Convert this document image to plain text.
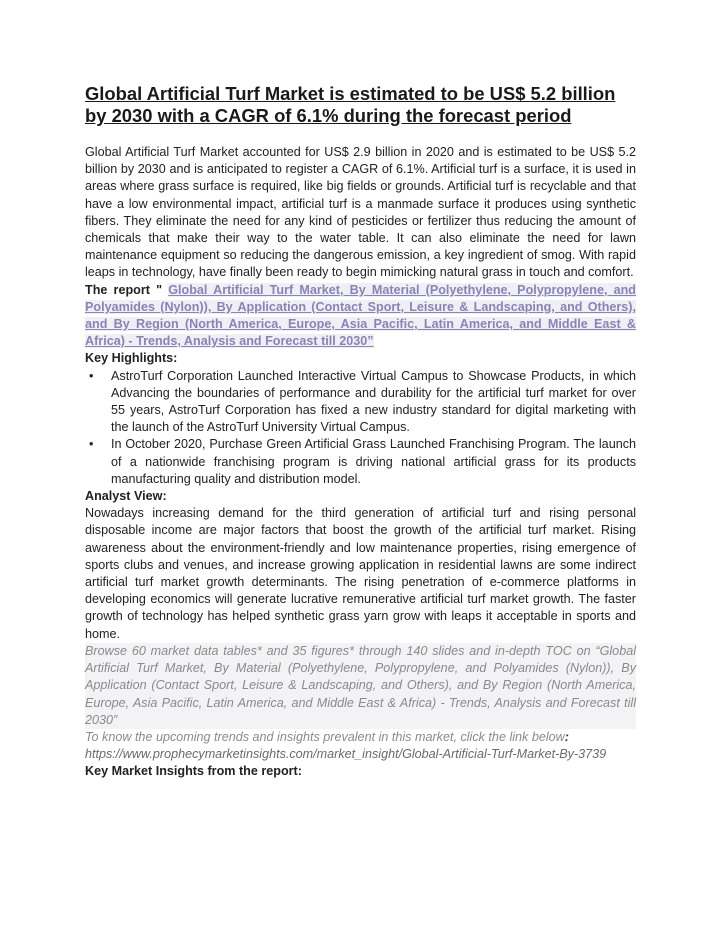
Global Artificial Turf Market is estimated to be US$ 5.2 billion by 2030 with a CAGR of 6.1% during the forecast period

Global Artificial Turf Market accounted for US$ 2.9 billion in 2020 and is estimated to be US$ 5.2 billion by 2030 and is anticipated to register a CAGR of 6.1%. Artificial turf is a surface, it is used in areas where grass surface is required, like big fields or grounds. Artificial turf is recyclable and that have a low environmental impact, artificial turf is a manmade surface it produces using synthetic fibers. They eliminate the need for any kind of pesticides or fertilizer thus reducing the amount of chemicals that make their way to the water table. It can also eliminate the need for lawn maintenance equipment so reducing the dangerous emission, a key ingredient of smog. With rapid leaps in technology, have finally been ready to begin mimicking natural grass in touch and comfort.

The report " Global Artificial Turf Market, By Material (Polyethylene, Polypropylene, and Polyamides (Nylon)), By Application (Contact Sport, Leisure & Landscaping, and Others), and By Region (North America, Europe, Asia Pacific, Latin America, and Middle East & Africa) - Trends, Analysis and Forecast till 2030”

Key Highlights:

• AstroTurf Corporation Launched Interactive Virtual Campus to Showcase Products, in which Advancing the boundaries of performance and durability for the artificial turf market for over 55 years, AstroTurf Corporation has fixed a new industry standard for digital marketing with the launch of the AstroTurf University Virtual Campus.
• In October 2020, Purchase Green Artificial Grass Launched Franchising Program. The launch of a nationwide franchising program is driving national artificial grass for its products manufacturing quality and distribution model.

Analyst View:

Nowadays increasing demand for the third generation of artificial turf and rising personal disposable income are major factors that boost the growth of the artificial turf market. Rising awareness about the environment-friendly and low maintenance properties, rising emergence of sports clubs and venues, and increase growing application in residential lawns are some indirect artificial turf market growth determinants. The rising penetration of e-commerce platforms in developing economics will generate lucrative remunerative artificial turf market growth. The faster growth of technology has helped synthetic grass yarn grow with leaps it acceptable in sports and home.

Browse 60 market data tables* and 35 figures* through 140 slides and in-depth TOC on “Global Artificial Turf Market, By Material (Polyethylene, Polypropylene, and Polyamides (Nylon)), By Application (Contact Sport, Leisure & Landscaping, and Others), and By Region (North America, Europe, Asia Pacific, Latin America, and Middle East & Africa) - Trends, Analysis and Forecast till 2030”

To know the upcoming trends and insights prevalent in this market, click the link below:

https://www.prophecymarketinsights.com/market_insight/Global-Artificial-Turf-Market-By-3739

Key Market Insights from the report:
